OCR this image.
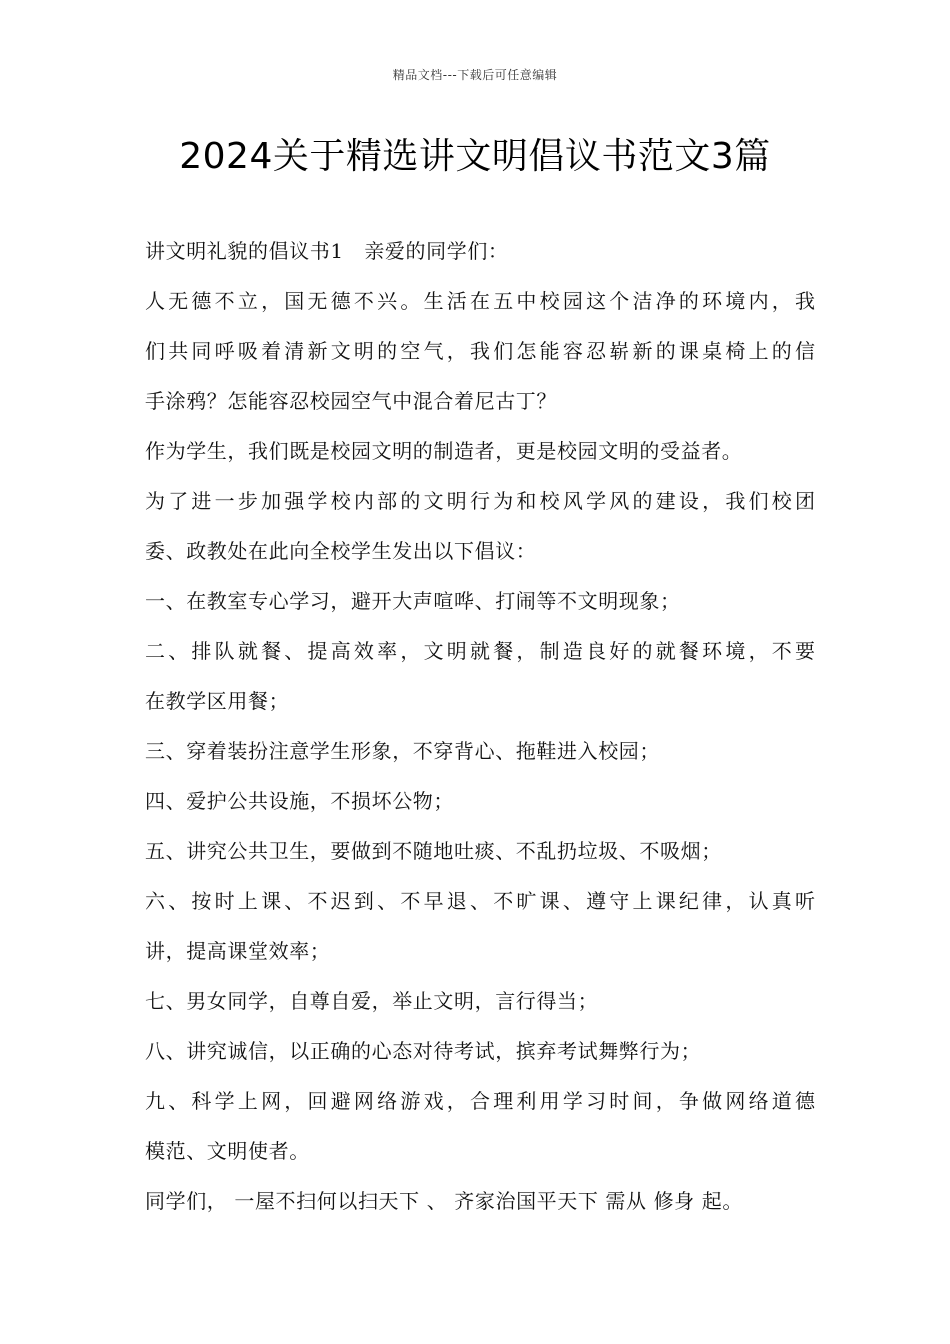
精品文档---下载后可任意编辑
2024关于精选讲文明倡议书范文3篇
讲文明礼貌的倡议书1　亲爱的同学们：
人无德不立，国无德不兴。生活在五中校园这个洁净的环境内，我
们共同呼吸着清新文明的空气，我们怎能容忍崭新的课桌椅上的信
手涂鸦？怎能容忍校园空气中混合着尼古丁？
作为学生，我们既是校园文明的制造者，更是校园文明的受益者。
为了进一步加强学校内部的文明行为和校风学风的建设，我们校团
委、政教处在此向全校学生发出以下倡议：
一、在教室专心学习，避开大声喧哗、打闹等不文明现象；
二、排队就餐、提高效率，文明就餐，制造良好的就餐环境，不要
在教学区用餐；
三、穿着装扮注意学生形象，不穿背心、拖鞋进入校园；
四、爱护公共设施，不损坏公物；
五、讲究公共卫生，要做到不随地吐痰、不乱扔垃圾、不吸烟；
六、按时上课、不迟到、不早退、不旷课、遵守上课纪律，认真听
讲，提高课堂效率；
七、男女同学，自尊自爱，举止文明，言行得当；
八、讲究诚信，以正确的心态对待考试，摈弃考试舞弊行为；
九、科学上网，回避网络游戏，合理利用学习时间，争做网络道德
模范、文明使者。
同学们， 一屋不扫何以扫天下 、 齐家治国平天下 需从 修身 起。
